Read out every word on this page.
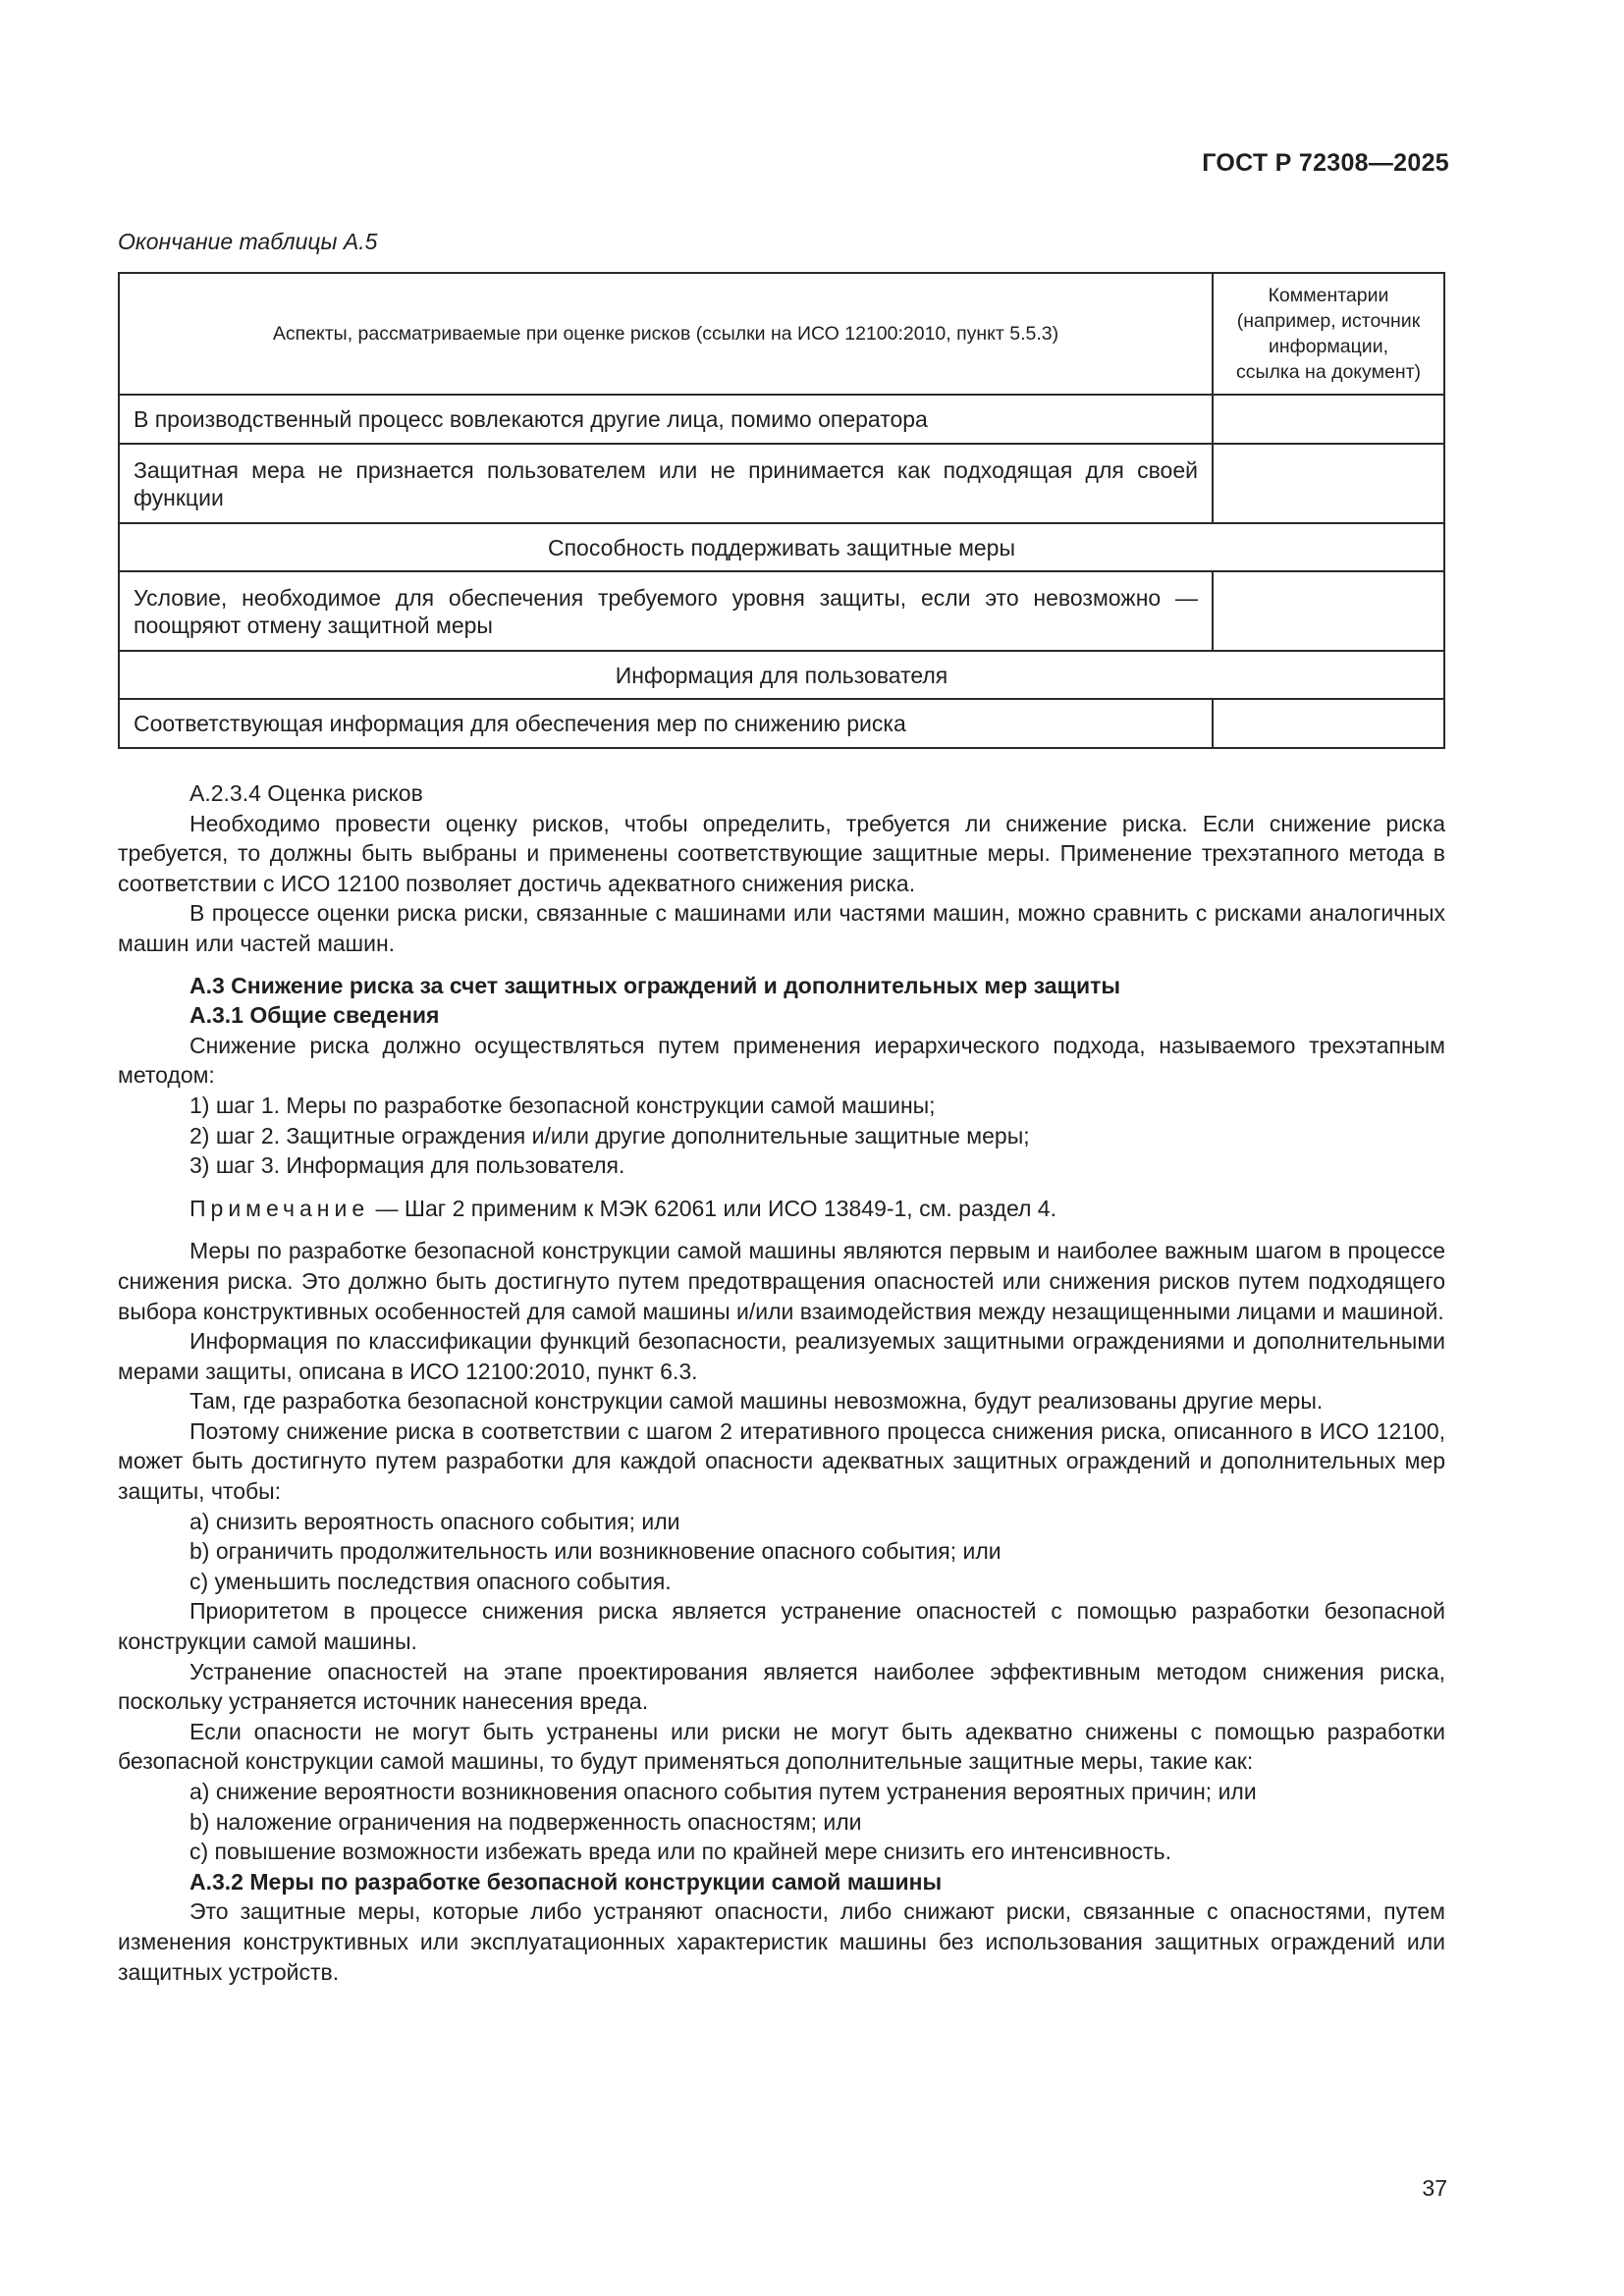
ГОСТ Р 72308—2025
Окончание таблицы А.5
Аспекты, рассматриваемые при оценке рисков (ссылки на ИСО 12100:2010, пункт 5.5.3)	Комментарии
(например, источник
информации,
ссылка на документ)
В производственный процесс вовлекаются другие лица, помимо оператора	
Защитная мера не признается пользователем или не принимается как подходящая для своей функции	
Способность поддерживать защитные меры	
Условие, необходимое для обеспечения требуемого уровня защиты, если это невозможно — поощряют отмену защитной меры	
Информация для пользователя	
Соответствующая информация для обеспечения мер по снижению риска	

А.2.3.4 Оценка рисков

Необходимо провести оценку рисков, чтобы определить, требуется ли снижение риска. Если снижение риска требуется, то должны быть выбраны и применены соответствующие защитные меры. Применение трехэтапного метода в соответствии с ИСО 12100 позволяет достичь адекватного снижения риска.

В процессе оценки риска риски, связанные с машинами или частями машин, можно сравнить с рисками аналогичных машин или частей машин.

А.3 Снижение риска за счет защитных ограждений и дополнительных мер защиты

А.3.1 Общие сведения

Снижение риска должно осуществляться путем применения иерархического подхода, называемого трехэтапным методом:

1) шаг 1. Меры по разработке безопасной конструкции самой машины;

2) шаг 2. Защитные ограждения и/или другие дополнительные защитные меры;

3) шаг 3. Информация для пользователя.

Примечание — Шаг 2 применим к МЭК 62061 или ИСО 13849-1, см. раздел 4.

Меры по разработке безопасной конструкции самой машины являются первым и наиболее важным шагом в процессе снижения риска. Это должно быть достигнуто путем предотвращения опасностей или снижения рисков путем подходящего выбора конструктивных особенностей для самой машины и/или взаимодействия между незащищенными лицами и машиной.

Информация по классификации функций безопасности, реализуемых защитными ограждениями и дополнительными мерами защиты, описана в ИСО 12100:2010, пункт 6.3.

Там, где разработка безопасной конструкции самой машины невозможна, будут реализованы другие меры.

Поэтому снижение риска в соответствии с шагом 2 итеративного процесса снижения риска, описанного в ИСО 12100, может быть достигнуто путем разработки для каждой опасности адекватных защитных ограждений и дополнительных мер защиты, чтобы:

a) снизить вероятность опасного события; или

b) ограничить продолжительность или возникновение опасного события; или

c) уменьшить последствия опасного события.

Приоритетом в процессе снижения риска является устранение опасностей с помощью разработки безопасной конструкции самой машины.

Устранение опасностей на этапе проектирования является наиболее эффективным методом снижения риска, поскольку устраняется источник нанесения вреда.

Если опасности не могут быть устранены или риски не могут быть адекватно снижены с помощью разработки безопасной конструкции самой машины, то будут применяться дополнительные защитные меры, такие как:

a) снижение вероятности возникновения опасного события путем устранения вероятных причин; или

b) наложение ограничения на подверженность опасностям; или

c) повышение возможности избежать вреда или по крайней мере снизить его интенсивность.

А.3.2 Меры по разработке безопасной конструкции самой машины

Это защитные меры, которые либо устраняют опасности, либо снижают риски, связанные с опасностями, путем изменения конструктивных или эксплуатационных характеристик машины без использования защитных ограждений или защитных устройств.

37
